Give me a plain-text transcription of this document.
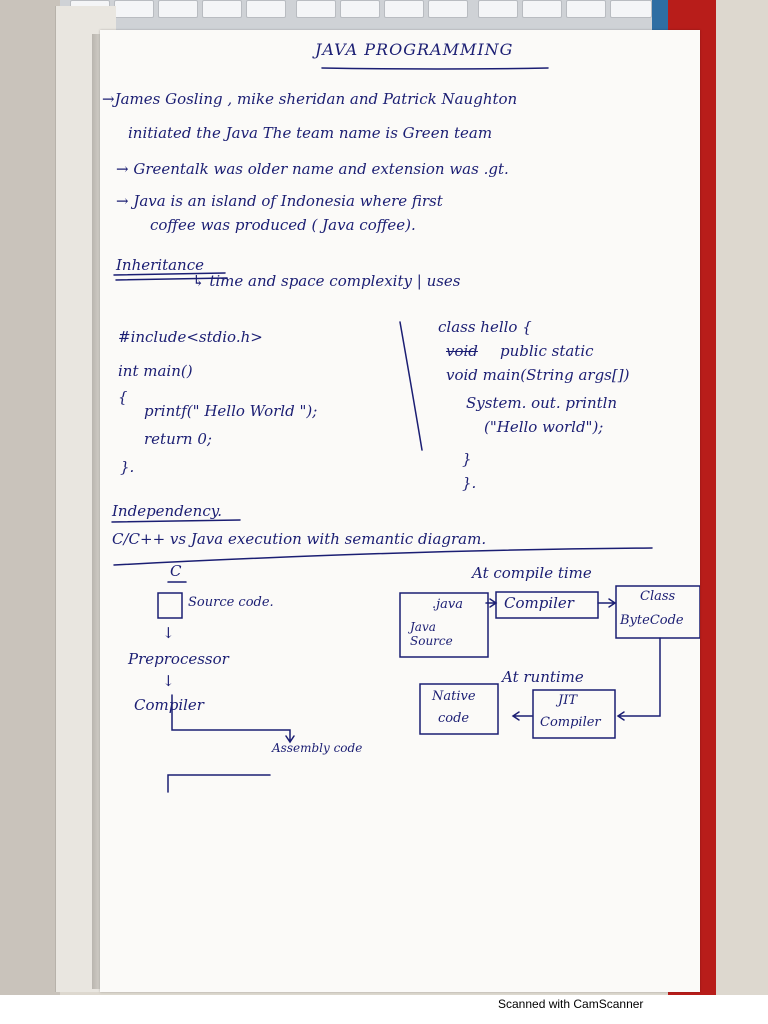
JAVA PROGRAMMING
→James Gosling , mike sheridan and Patrick Naughton
initiated the Java The team name is Green team
→ Greentalk was older name and extension was .gt.
→ Java is an island of Indonesia where first
coffee was produced ( Java coffee).
Inheritance
↳ time and space complexity | uses
#include<stdio.h>
int main()
{
printf(" Hello World ");
return 0;
}.
class hello {
void public static
void main(String args[])
System. out. println
("Hello world");
}
}.
Independency.
C/C++ vs Java execution with semantic diagram.
C
Source code.
↓
Preprocessor
↓
Compiler
Assembly code
At compile time
.java
Java Source
Compiler	Class
ByteCode
At runtime
JIT
Compiler
Native
code
Scanned with CamScanner
